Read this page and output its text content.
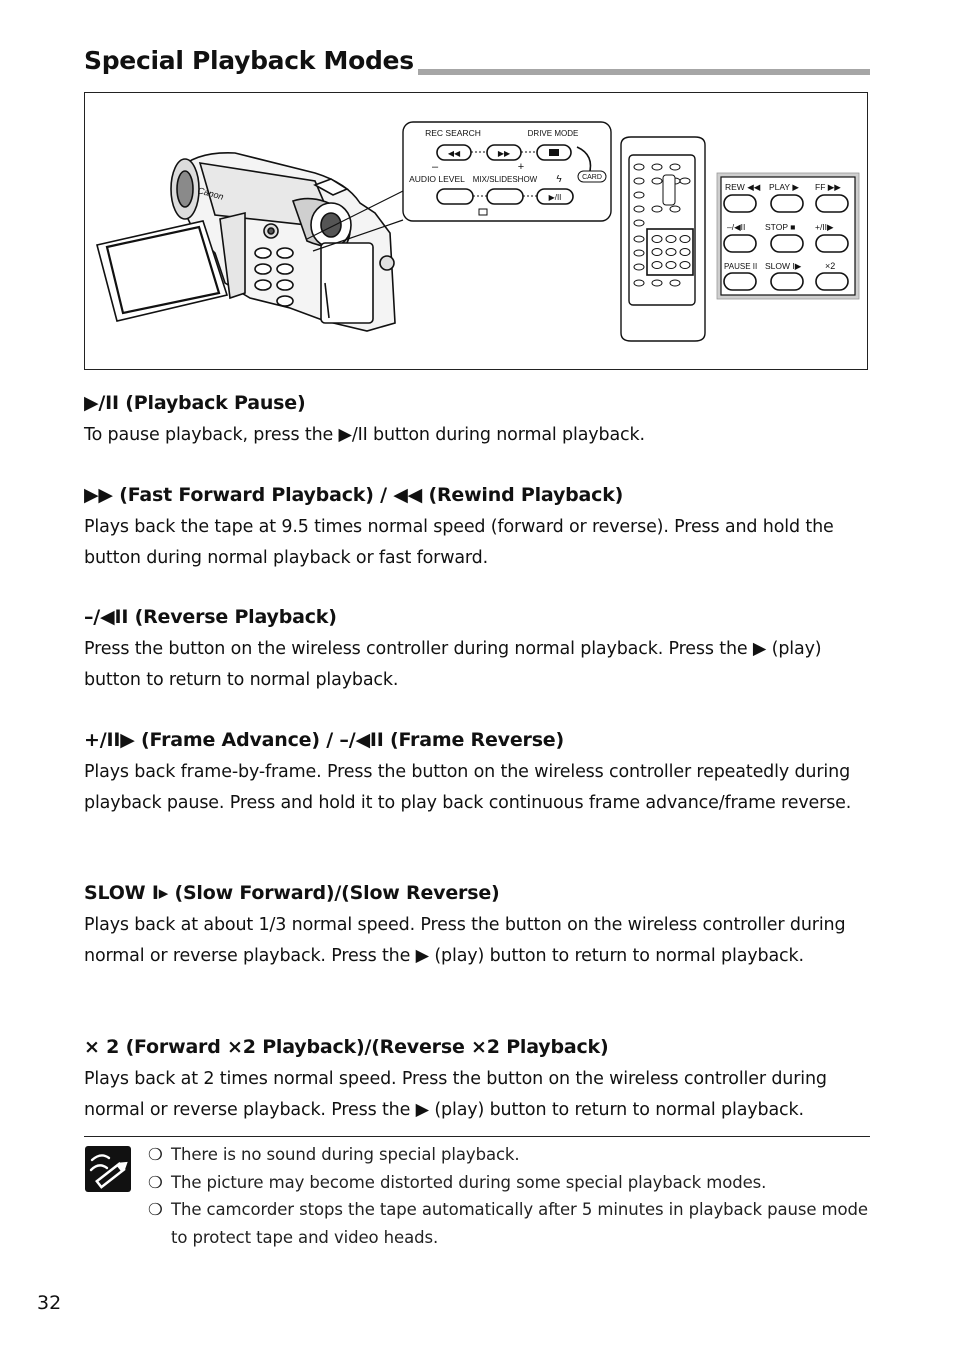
Special Playback Modes
Canon
REC SEARCH	DRIVE MODE
◀◀	▶▶
–	+
AUDIO LEVEL MIX/SLIDESHOW ϟ	CARD
▶/II
REW ◀◀ PLAY ▶ FF ▶▶
–/◀II STOP ■ +/II▶
PAUSE II SLOW I▶	×2
▶/II (Playback Pause)

To pause playback, press the ▶/II button during normal playback.

▶▶ (Fast Forward Playback) / ◀◀ (Rewind Playback)

Plays back the tape at 9.5 times normal speed (forward or reverse). Press and hold the button during normal playback or fast forward.

–/◀II (Reverse Playback)

Press the button on the wireless controller during normal playback. Press the ▶ (play) button to return to normal playback.

+/II▶ (Frame Advance) / –/◀II (Frame Reverse)

Plays back frame-by-frame. Press the button on the wireless controller repeatedly during playback pause. Press and hold it to play back continuous frame advance/frame reverse.

SLOW I▸ (Slow Forward)/(Slow Reverse)

Plays back at about 1/3 normal speed. Press the button on the wireless controller during normal or reverse playback. Press the ▶ (play) button to return to normal playback.

× 2 (Forward ×2 Playback)/(Reverse ×2 Playback)

Plays back at 2 times normal speed. Press the button on the wireless controller during normal or reverse playback. Press the ▶ (play) button to return to normal playback.

❍ There is no sound during special playback.
❍ The picture may become distorted during some special playback modes.
❍ The camcorder stops the tape automatically after 5 minutes in playback pause mode to protect tape and video heads.
32
